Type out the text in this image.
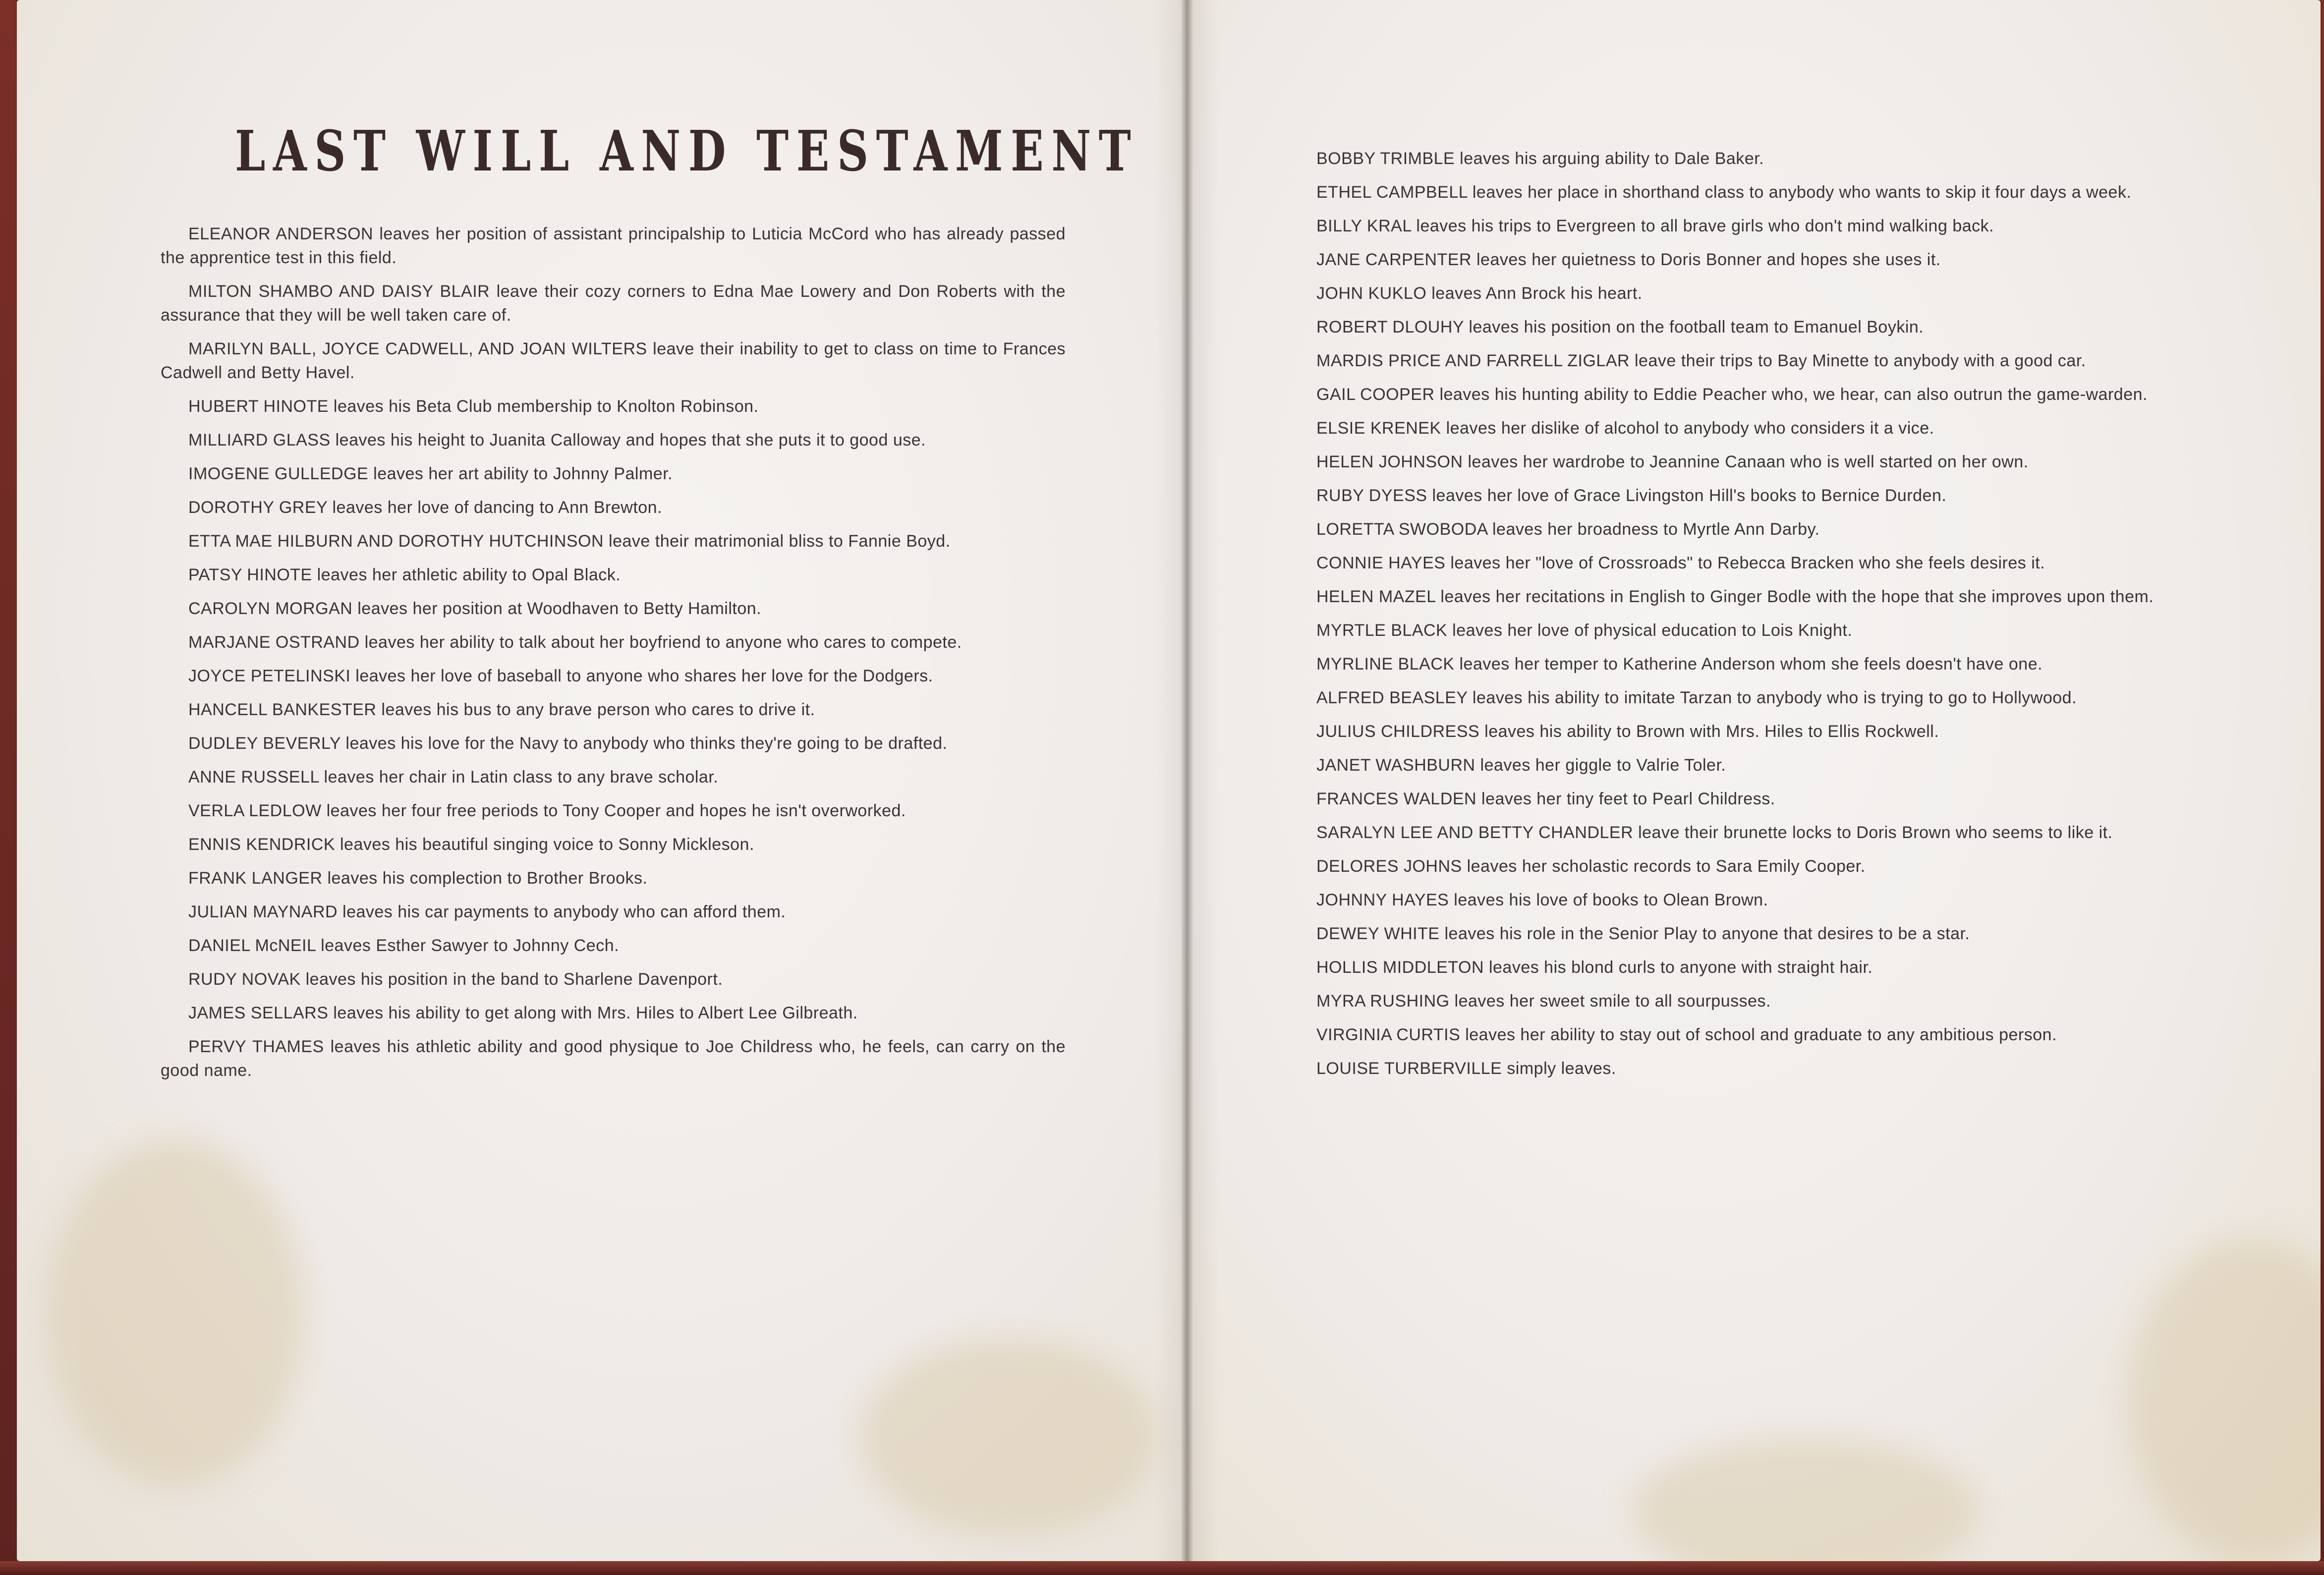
LAST WILL AND TESTAMENT

ELEANOR ANDERSON leaves her position of assistant principalship to Luticia McCord who has already passed the apprentice test in this field.

MILTON SHAMBO AND DAISY BLAIR leave their cozy corners to Edna Mae Lowery and Don Roberts with the assurance that they will be well taken care of.

MARILYN BALL, JOYCE CADWELL, AND JOAN WILTERS leave their inability to get to class on time to Frances Cadwell and Betty Havel.

HUBERT HINOTE leaves his Beta Club membership to Knolton Robinson.

MILLIARD GLASS leaves his height to Juanita Calloway and hopes that she puts it to good use.

IMOGENE GULLEDGE leaves her art ability to Johnny Palmer.

DOROTHY GREY leaves her love of dancing to Ann Brewton.

ETTA MAE HILBURN AND DOROTHY HUTCHINSON leave their matrimonial bliss to Fannie Boyd.

PATSY HINOTE leaves her athletic ability to Opal Black.

CAROLYN MORGAN leaves her position at Woodhaven to Betty Hamilton.

MARJANE OSTRAND leaves her ability to talk about her boyfriend to anyone who cares to compete.

JOYCE PETELINSKI leaves her love of baseball to anyone who shares her love for the Dodgers.

HANCELL BANKESTER leaves his bus to any brave person who cares to drive it.

DUDLEY BEVERLY leaves his love for the Navy to anybody who thinks they're going to be drafted.

ANNE RUSSELL leaves her chair in Latin class to any brave scholar.

VERLA LEDLOW leaves her four free periods to Tony Cooper and hopes he isn't overworked.

ENNIS KENDRICK leaves his beautiful singing voice to Sonny Mickleson.

FRANK LANGER leaves his complection to Brother Brooks.

JULIAN MAYNARD leaves his car payments to anybody who can afford them.

DANIEL McNEIL leaves Esther Sawyer to Johnny Cech.

RUDY NOVAK leaves his position in the band to Sharlene Davenport.

JAMES SELLARS leaves his ability to get along with Mrs. Hiles to Albert Lee Gilbreath.

PERVY THAMES leaves his athletic ability and good physique to Joe Childress who, he feels, can carry on the good name.

BOBBY TRIMBLE leaves his arguing ability to Dale Baker.

ETHEL CAMPBELL leaves her place in shorthand class to anybody who wants to skip it four days a week.

BILLY KRAL leaves his trips to Evergreen to all brave girls who don't mind walking back.

JANE CARPENTER leaves her quietness to Doris Bonner and hopes she uses it.

JOHN KUKLO leaves Ann Brock his heart.

ROBERT DLOUHY leaves his position on the football team to Emanuel Boykin.

MARDIS PRICE AND FARRELL ZIGLAR leave their trips to Bay Minette to anybody with a good car.

GAIL COOPER leaves his hunting ability to Eddie Peacher who, we hear, can also outrun the game-warden.

ELSIE KRENEK leaves her dislike of alcohol to anybody who considers it a vice.

HELEN JOHNSON leaves her wardrobe to Jeannine Canaan who is well started on her own.

RUBY DYESS leaves her love of Grace Livingston Hill's books to Bernice Durden.

LORETTA SWOBODA leaves her broadness to Myrtle Ann Darby.

CONNIE HAYES leaves her "love of Crossroads" to Rebecca Bracken who she feels desires it.

HELEN MAZEL leaves her recitations in English to Ginger Bodle with the hope that she improves upon them.

MYRTLE BLACK leaves her love of physical education to Lois Knight.

MYRLINE BLACK leaves her temper to Katherine Anderson whom she feels doesn't have one.

ALFRED BEASLEY leaves his ability to imitate Tarzan to anybody who is trying to go to Hollywood.

JULIUS CHILDRESS leaves his ability to Brown with Mrs. Hiles to Ellis Rockwell.

JANET WASHBURN leaves her giggle to Valrie Toler.

FRANCES WALDEN leaves her tiny feet to Pearl Childress.

SARALYN LEE AND BETTY CHANDLER leave their brunette locks to Doris Brown who seems to like it.

DELORES JOHNS leaves her scholastic records to Sara Emily Cooper.

JOHNNY HAYES leaves his love of books to Olean Brown.

DEWEY WHITE leaves his role in the Senior Play to anyone that desires to be a star.

HOLLIS MIDDLETON leaves his blond curls to anyone with straight hair.

MYRA RUSHING leaves her sweet smile to all sourpusses.

VIRGINIA CURTIS leaves her ability to stay out of school and graduate to any ambitious person.

LOUISE TURBERVILLE simply leaves.
